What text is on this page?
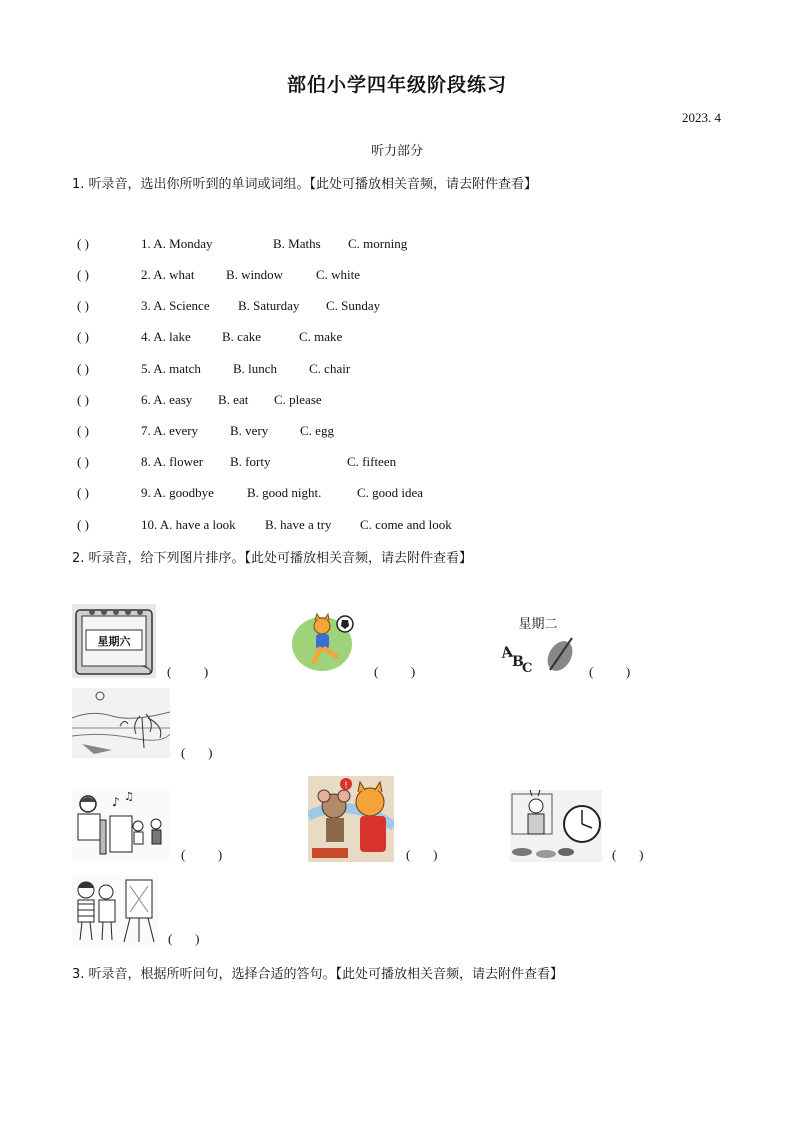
部伯小学四年级阶段练习
2023. 4
听力部分
1. 听录音，选出你所听到的单词或词组。【此处可播放相关音频，请去附件查看】
( )	1. A. Monday	B. Maths C. morning
( )	2. A. what B. window	C. white
( )	3. A. Science B. Saturday C. Sunday
( )	4. A. lake B. cake	C. make
( )	5. A. match B. lunch C. chair
( )	6. A. easy B. eat C. please
( )	7. A. every B. very C. egg
( )	8. A. flower B. forty	C. fifteen
( )	9. A. goodbye	B. good night.	C. good idea
( )	10. A. have a look B. have a try C. come and look
2. 听录音，给下列图片排序。【此处可播放相关音频，请去附件查看】
星期六
(          )	(          )
星期二
A
B
C	(          )
(       )
♪ ♫
(          )
!
(       )	(       )
(       )
3. 听录音，根据所听问句，选择合适的答句。【此处可播放相关音频，请去附件查看】
